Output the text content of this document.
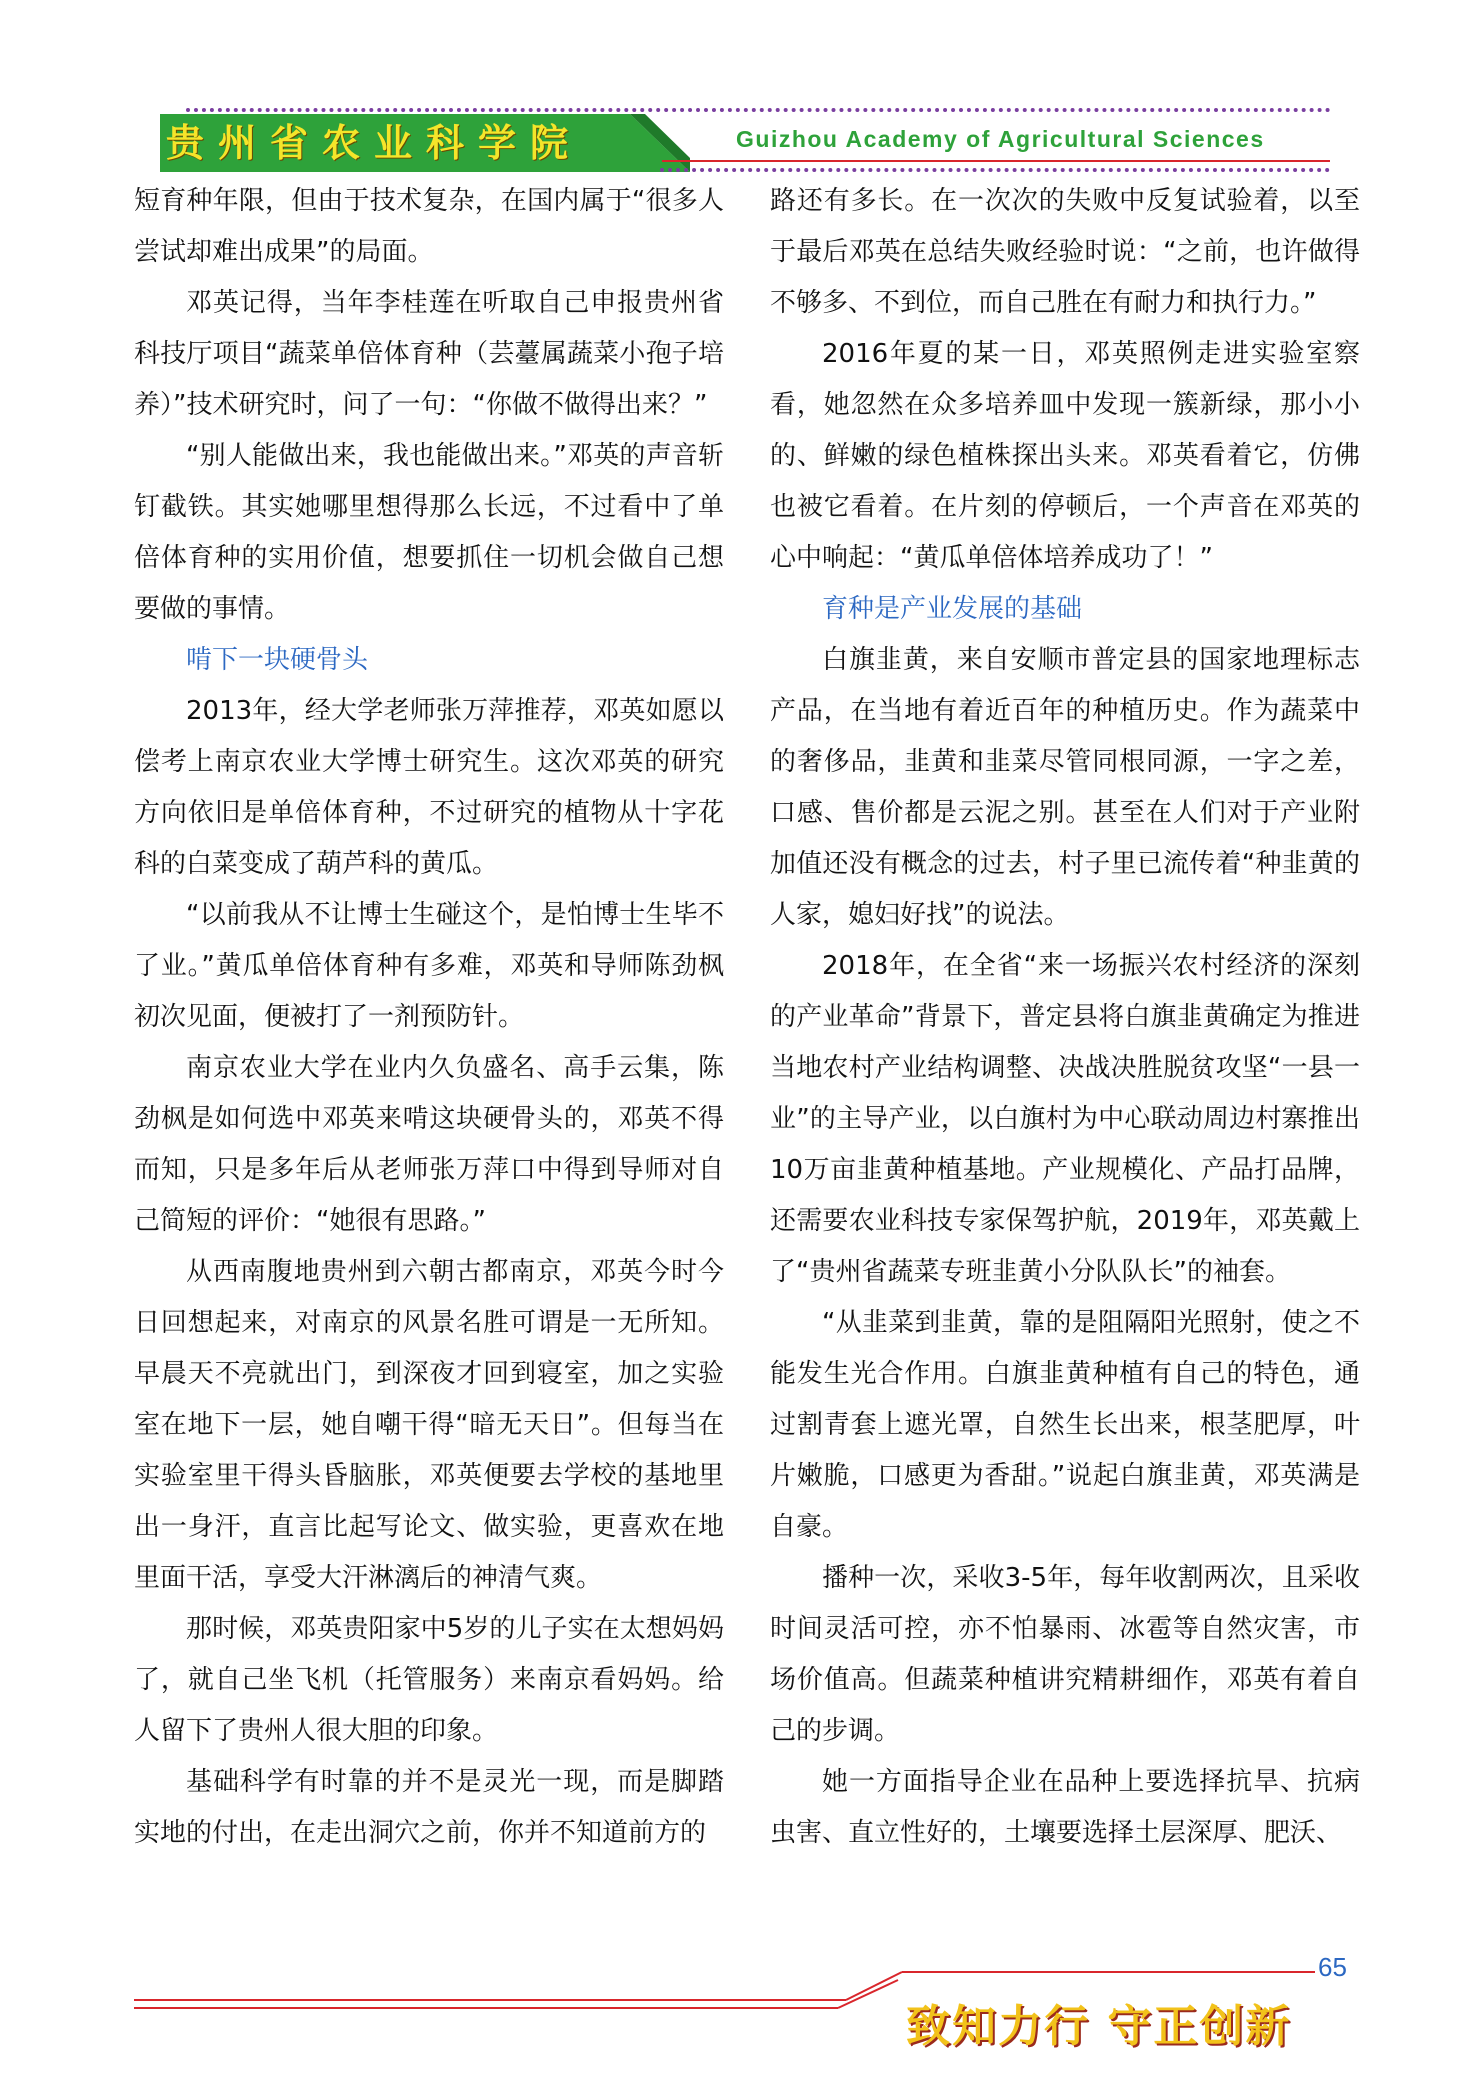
贵州省农业科学院	Guizhou Academy of Agricultural Sciences

短育种年限，但由于技术复杂，在国内属于“很多人尝试却难出成果”的局面。

邓英记得，当年李桂莲在听取自己申报贵州省科技厅项目“蔬菜单倍体育种（芸薹属蔬菜小孢子培养）”技术研究时，问了一句：“你做不做得出来？”

“别人能做出来，我也能做出来。”邓英的声音斩钉截铁。其实她哪里想得那么长远，不过看中了单倍体育种的实用价值，想要抓住一切机会做自己想要做的事情。

啃下一块硬骨头

2013年，经大学老师张万萍推荐，邓英如愿以偿考上南京农业大学博士研究生。这次邓英的研究方向依旧是单倍体育种，不过研究的植物从十字花科的白菜变成了葫芦科的黄瓜。

“以前我从不让博士生碰这个，是怕博士生毕不了业。”黄瓜单倍体育种有多难，邓英和导师陈劲枫初次见面，便被打了一剂预防针。

南京农业大学在业内久负盛名、高手云集，陈劲枫是如何选中邓英来啃这块硬骨头的，邓英不得而知，只是多年后从老师张万萍口中得到导师对自己简短的评价：“她很有思路。”

从西南腹地贵州到六朝古都南京，邓英今时今日回想起来，对南京的风景名胜可谓是一无所知。早晨天不亮就出门，到深夜才回到寝室，加之实验室在地下一层，她自嘲干得“暗无天日”。但每当在实验室里干得头昏脑胀，邓英便要去学校的基地里出一身汗，直言比起写论文、做实验，更喜欢在地里面干活，享受大汗淋漓后的神清气爽。

那时候，邓英贵阳家中5岁的儿子实在太想妈妈了，就自己坐飞机（托管服务）来南京看妈妈。给人留下了贵州人很大胆的印象。

基础科学有时靠的并不是灵光一现，而是脚踏实地的付出，在走出洞穴之前，你并不知道前方的

路还有多长。在一次次的失败中反复试验着，以至于最后邓英在总结失败经验时说：“之前，也许做得不够多、不到位，而自己胜在有耐力和执行力。”

2016年夏的某一日，邓英照例走进实验室察看，她忽然在众多培养皿中发现一簇新绿，那小小的、鲜嫩的绿色植株探出头来。邓英看着它，仿佛也被它看着。在片刻的停顿后，一个声音在邓英的心中响起：“黄瓜单倍体培养成功了！”

育种是产业发展的基础

白旗韭黄，来自安顺市普定县的国家地理标志产品，在当地有着近百年的种植历史。作为蔬菜中的奢侈品，韭黄和韭菜尽管同根同源，一字之差，口感、售价都是云泥之别。甚至在人们对于产业附加值还没有概念的过去，村子里已流传着“种韭黄的人家，媳妇好找”的说法。

2018年，在全省“来一场振兴农村经济的深刻的产业革命”背景下，普定县将白旗韭黄确定为推进当地农村产业结构调整、决战决胜脱贫攻坚“一县一业”的主导产业，以白旗村为中心联动周边村寨推出10万亩韭黄种植基地。产业规模化、产品打品牌，还需要农业科技专家保驾护航，2019年，邓英戴上了“贵州省蔬菜专班韭黄小分队队长”的袖套。

“从韭菜到韭黄，靠的是阻隔阳光照射，使之不能发生光合作用。白旗韭黄种植有自己的特色，通过割青套上遮光罩，自然生长出来，根茎肥厚，叶片嫩脆，口感更为香甜。”说起白旗韭黄，邓英满是自豪。

播种一次，采收3-5年，每年收割两次，且采收时间灵活可控，亦不怕暴雨、冰雹等自然灾害，市场价值高。但蔬菜种植讲究精耕细作，邓英有着自己的步调。

她一方面指导企业在品种上要选择抗旱、抗病虫害、直立性好的，土壤要选择土层深厚、肥沃、

65
致知力行 守正创新
